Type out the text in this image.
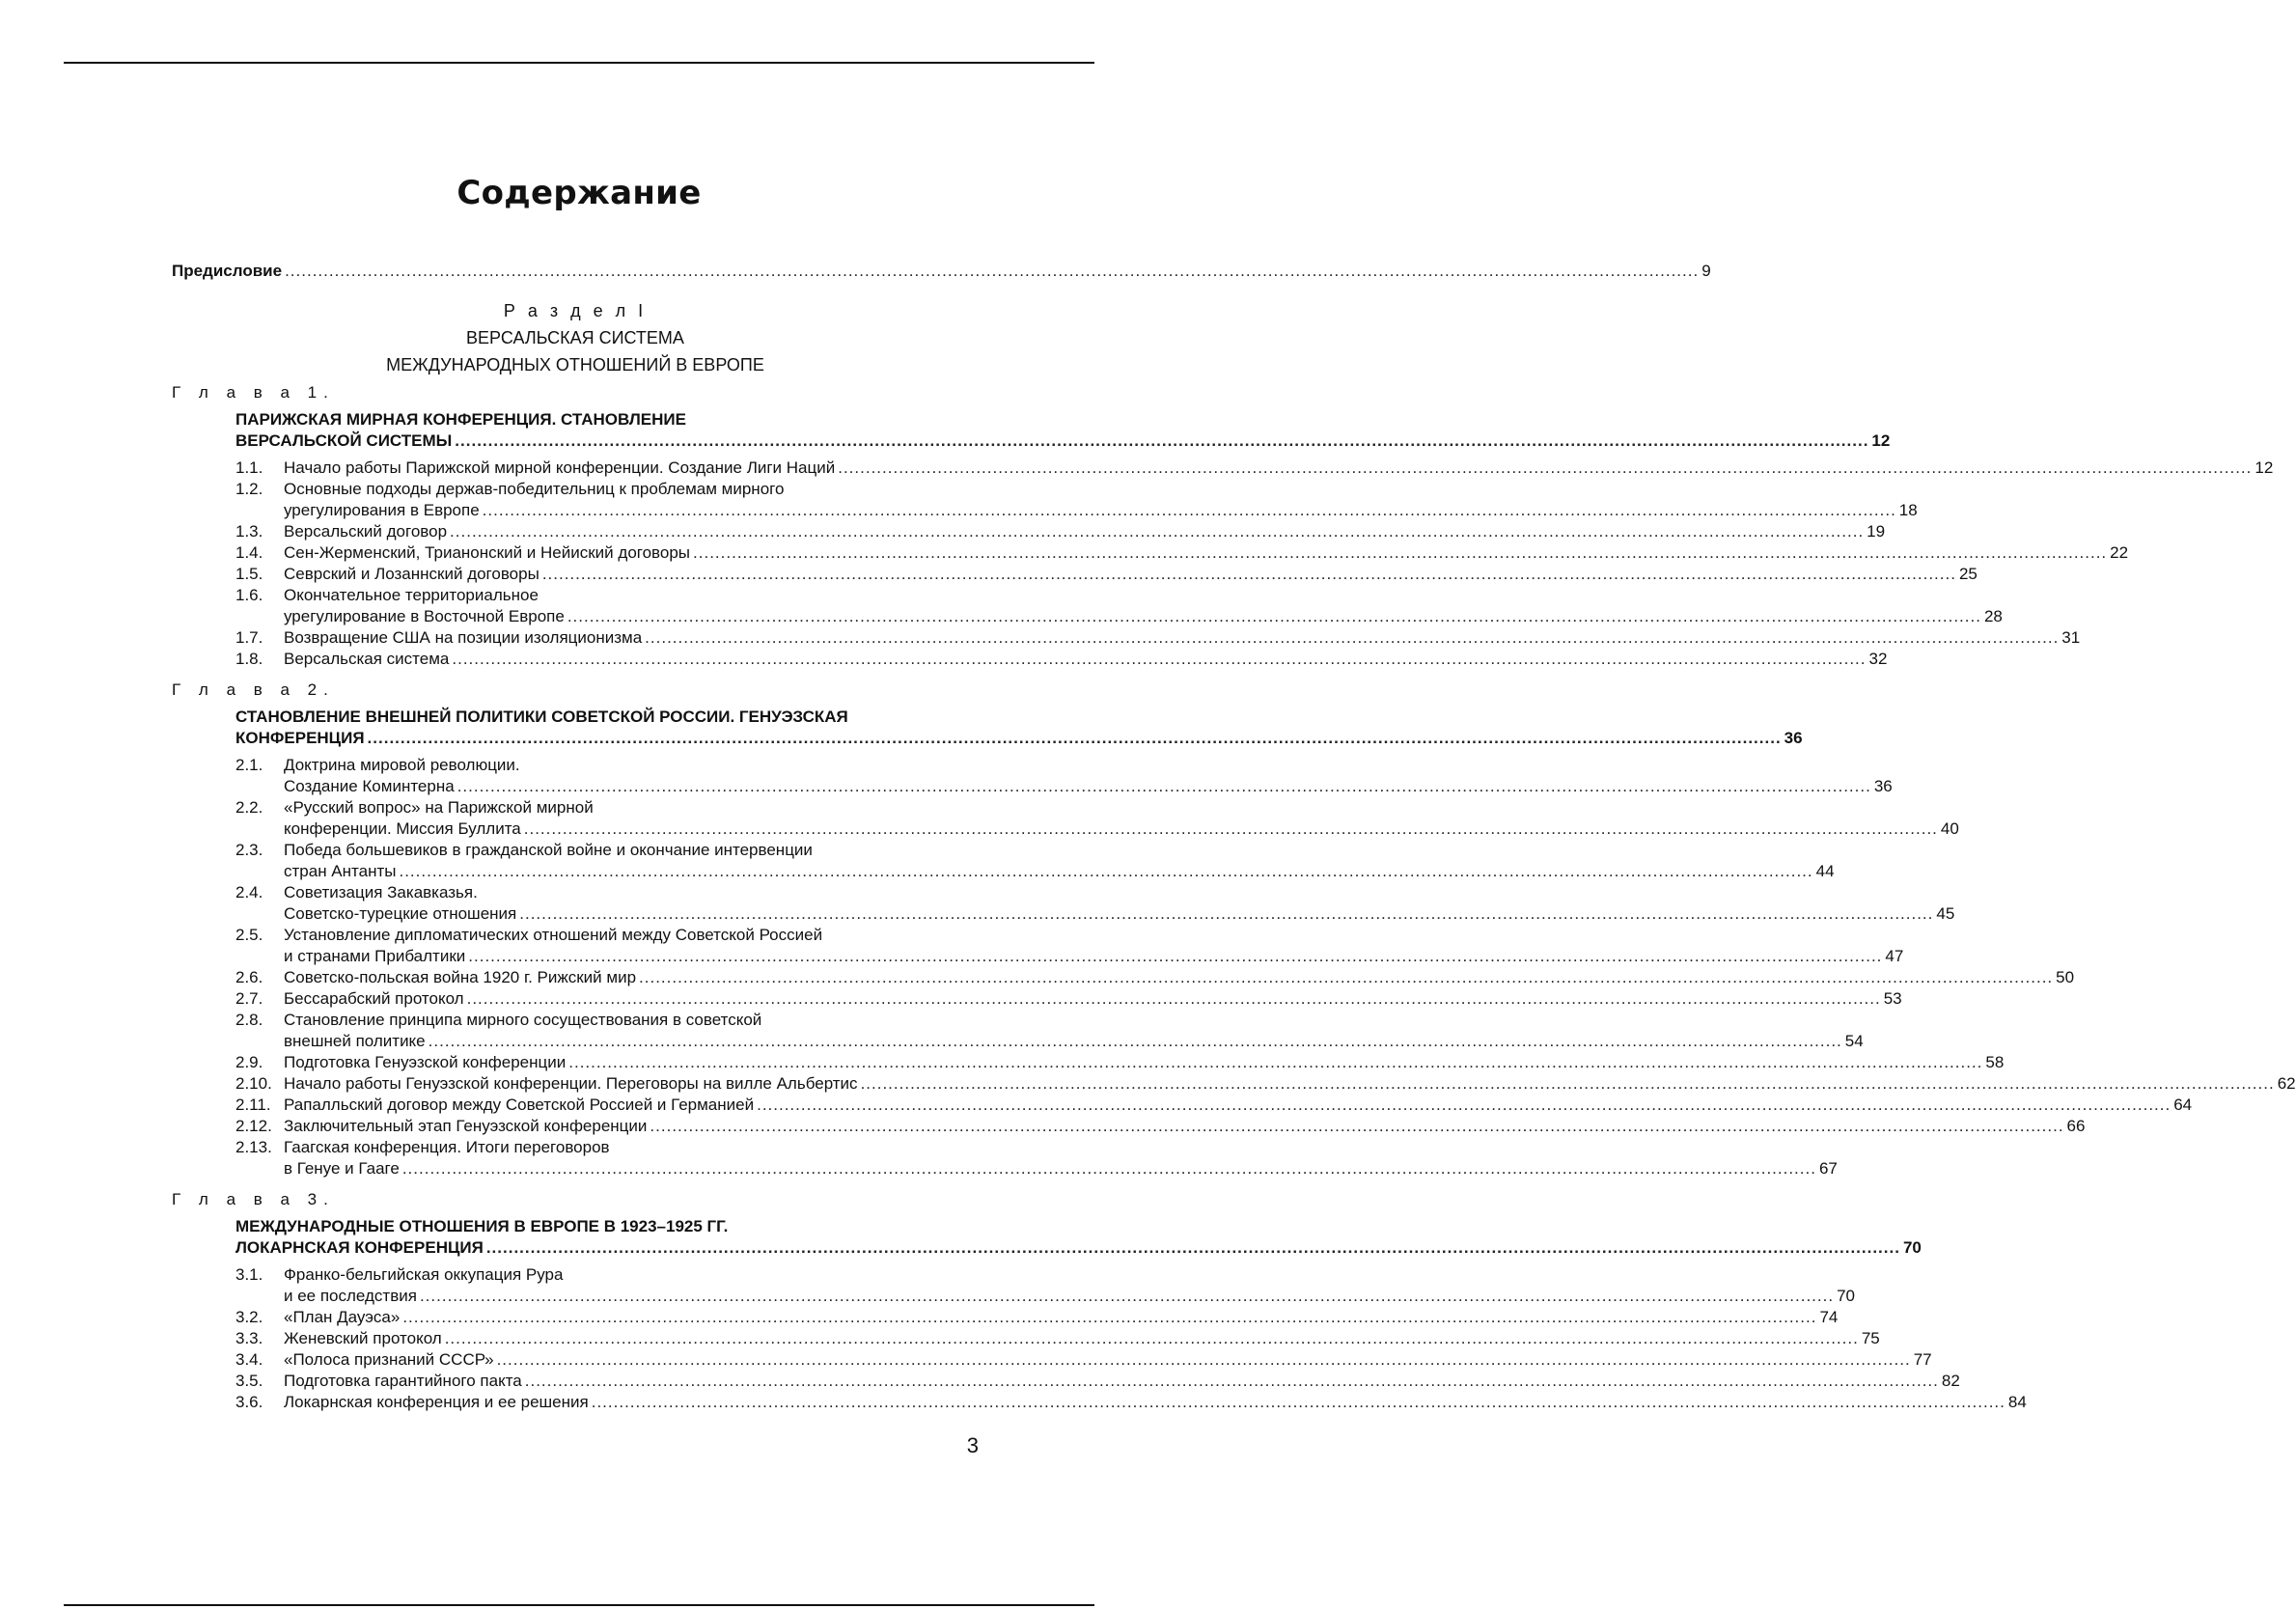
Содержание
Предисловие .....	9
Р а з д е л I
ВЕРСАЛЬСКАЯ СИСТЕМА
МЕЖДУНАРОДНЫХ ОТНОШЕНИЙ В ЕВРОПЕ
Г л а в а 1.
ПАРИЖСКАЯ МИРНАЯ КОНФЕРЕНЦИЯ. СТАНОВЛЕНИЕ
ВЕРСАЛЬСКОЙ СИСТЕМЫ .....	12
1.1.	Начало работы Парижской мирной конференции. Создание Лиги Наций .....	12
1.2.	Основные подходы держав-победительниц к проблемам мирного
урегулирования в Европе .....	18
1.3.	Версальский договор .....	19
1.4.	Сен-Жерменский, Трианонский и Нейиский договоры .....	22
1.5.	Севрский и Лозаннский договоры .....	25
1.6.	Окончательное территориальное
урегулирование в Восточной Европе .....	28
1.7.	Возвращение США на позиции изоляционизма .....	31
1.8.	Версальская система .....	32
Г л а в а 2.
СТАНОВЛЕНИЕ ВНЕШНЕЙ ПОЛИТИКИ СОВЕТСКОЙ РОССИИ. ГЕНУЭЗСКАЯ
КОНФЕРЕНЦИЯ .....	36
2.1.	Доктрина мировой революции.
Создание Коминтерна .....	36
2.2.	«Русский вопрос» на Парижской мирной
конференции. Миссия Буллита .....	40
2.3.	Победа большевиков в гражданской войне и окончание интервенции
стран Антанты .....	44
2.4.	Советизация Закавказья.
Советско-турецкие отношения .....	45
2.5.	Установление дипломатических отношений между Советской Россией
и странами Прибалтики .....	47
2.6.	Советско-польская война 1920 г. Рижский мир .....	50
2.7.	Бессарабский протокол .....	53
2.8.	Становление принципа мирного сосуществования в советской
внешней политике .....	54
2.9.	Подготовка Генуэзской конференции .....	58
2.10. Начало работы Генуэзской конференции. Переговоры на вилле Альбертис .....	62
2.11. Рапалльский договор между Советской Россией и Германией .....	64
2.12. Заключительный этап Генуэзской конференции .....	66
2.13. Гаагская конференция. Итоги переговоров
в Генуе и Гааге .....	67
Г л а в а 3.
МЕЖДУНАРОДНЫЕ ОТНОШЕНИЯ В ЕВРОПЕ В 1923–1925 ГГ.
ЛОКАРНСКАЯ КОНФЕРЕНЦИЯ .....	70
3.1.	Франко-бельгийская оккупация Рура
и ее последствия .....	70
3.2.	«План Дауэса» .....	74
3.3.	Женевский протокол .....	75
3.4.	«Полоса признаний СССР» .....	77
3.5.	Подготовка гарантийного пакта .....	82
3.6.	Локарнская конференция и ее решения .....	84
3
